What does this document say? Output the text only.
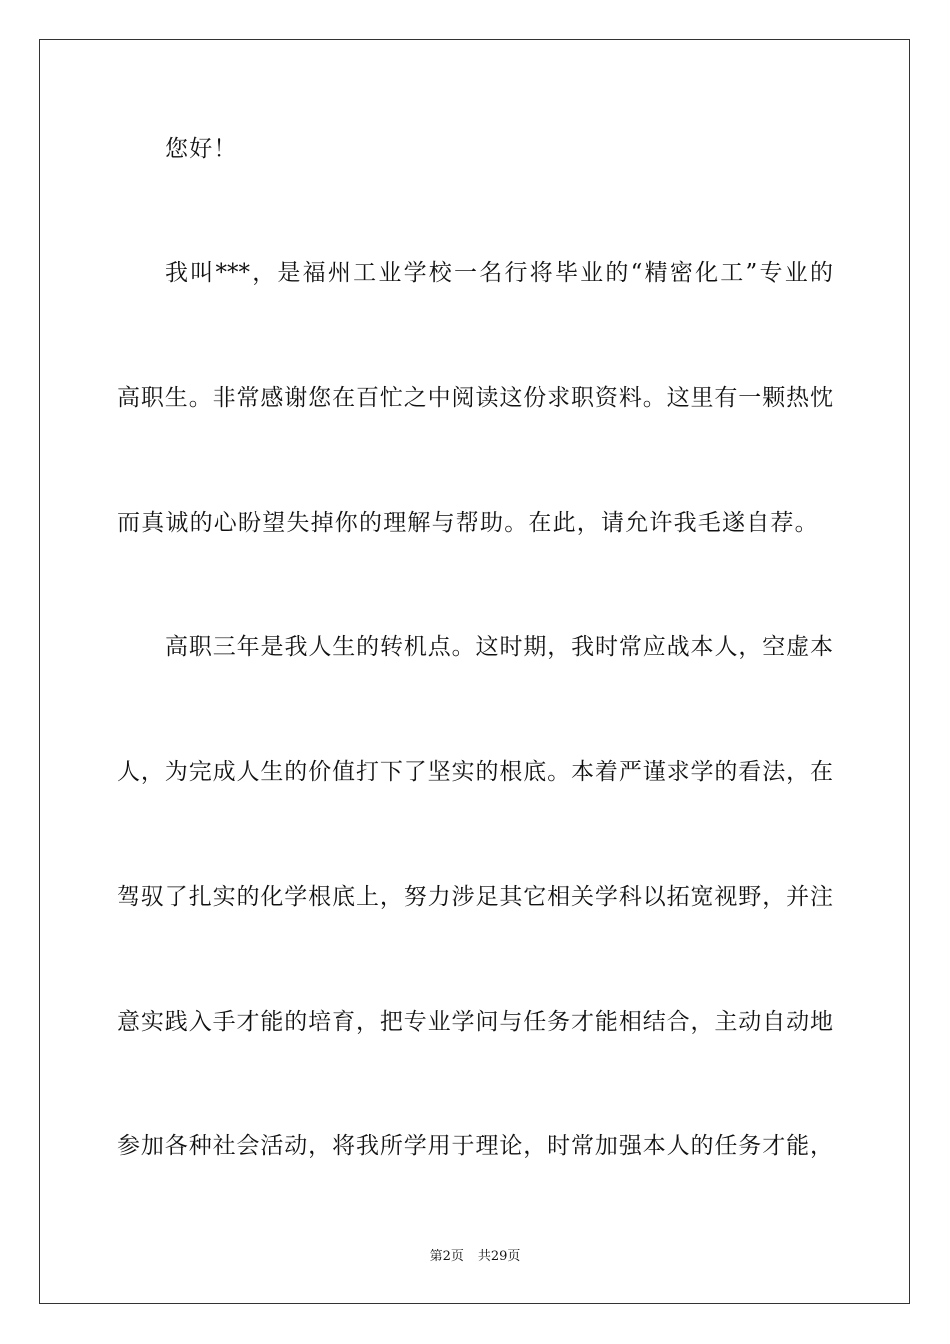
您好！
我叫***，是福州工业学校一名行将毕业的“精密化工”专业的
高职生。非常感谢您在百忙之中阅读这份求职资料。这里有一颗热忱
而真诚的心盼望失掉你的理解与帮助。在此，请允许我毛遂自荐。
高职三年是我人生的转机点。这时期，我时常应战本人，空虚本
人，为完成人生的价值打下了坚实的根底。本着严谨求学的看法，在
驾驭了扎实的化学根底上，努力涉足其它相关学科以拓宽视野，并注
意实践入手才能的培育，把专业学问与任务才能相结合，主动自动地
参加各种社会活动，将我所学用于理论，时常加强本人的任务才能，
第2页 共29页
